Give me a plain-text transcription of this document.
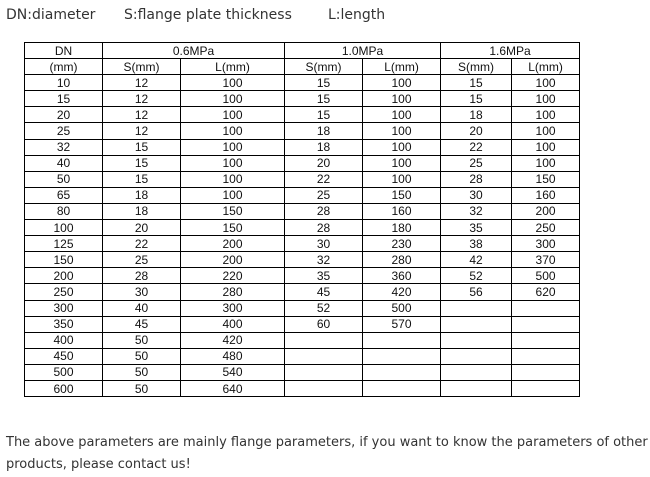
DN:diameter S:flange plate thickness	L:length
DN	0.6MPa		1.0MPa		1.6MPa	
(mm)	S(mm)	L(mm)	S(mm)	L(mm)	S(mm)	L(mm)
10	12	100	15	100	15	100
15	12	100	15	100	15	100
20	12	100	15	100	18	100
25	12	100	18	100	20	100
32	15	100	18	100	22	100
40	15	100	20	100	25	100
50	15	100	22	100	28	150
65	18	100	25	150	30	160
80	18	150	28	160	32	200
100	20	150	28	180	35	250
125	22	200	30	230	38	300
150	25	200	32	280	42	370
200	28	220	35	360	52	500
250	30	280	45	420	56	620
300	40	300	52	500		
350	45	400	60	570		
400	50	420				
450	50	480				
500	50	540				
600	50	640				
The above parameters are mainly flange parameters, if you want to know the parameters of other products, please contact us!
